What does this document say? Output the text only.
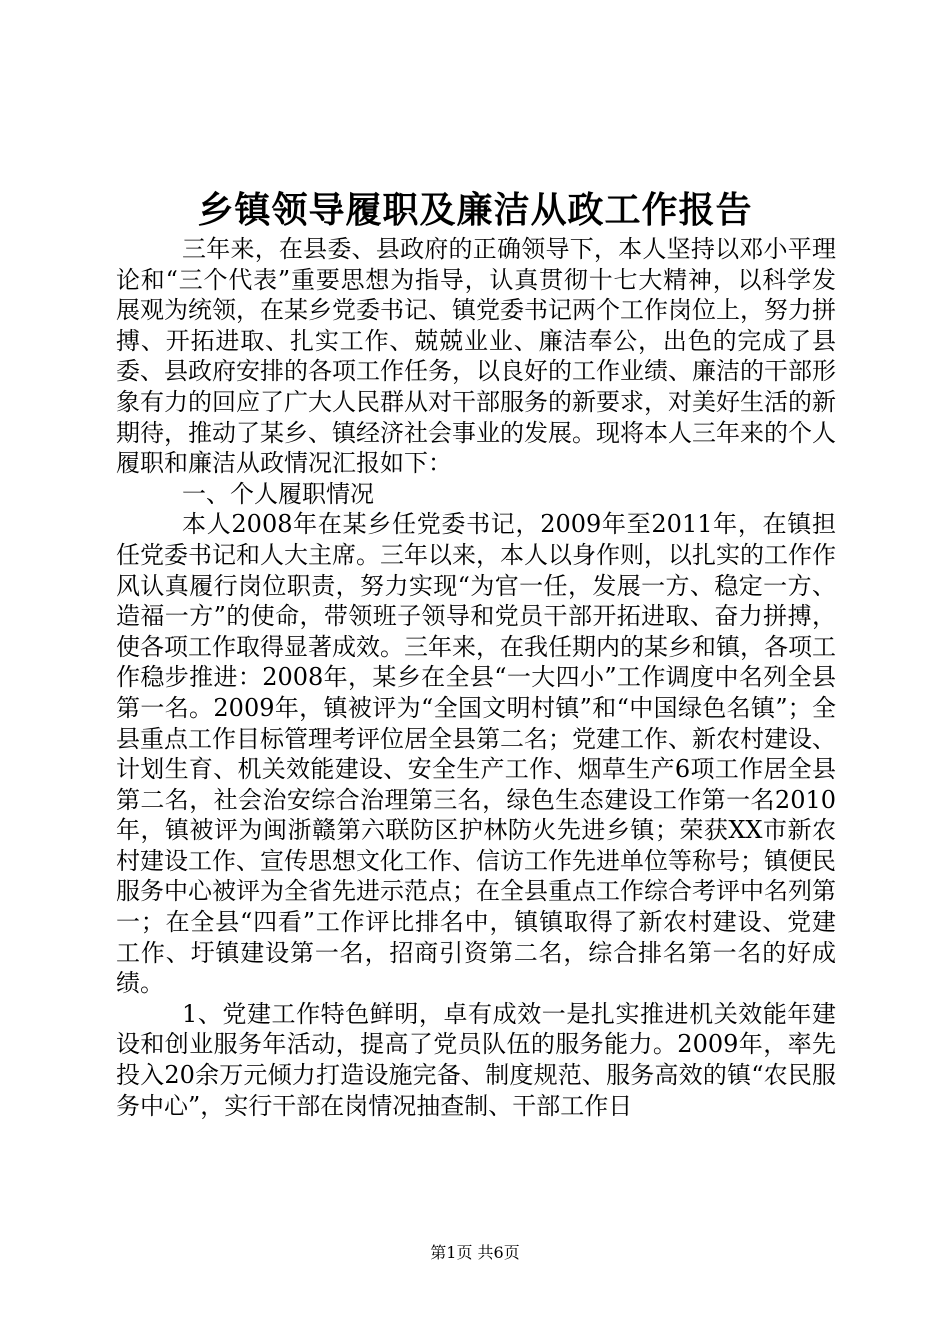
乡镇领导履职及廉洁从政工作报告

三年来，在县委、县政府的正确领导下，本人坚持以邓小平理论和“三个代表”重要思想为指导，认真贯彻十七大精神，以科学发展观为统领，在某乡党委书记、镇党委书记两个工作岗位上，努力拼搏、开拓进取、扎实工作、兢兢业业、廉洁奉公，出色的完成了县委、县政府安排的各项工作任务，以良好的工作业绩、廉洁的干部形象有力的回应了广大人民群从对干部服务的新要求，对美好生活的新期待，推动了某乡、镇经济社会事业的发展。现将本人三年来的个人履职和廉洁从政情况汇报如下：

一、个人履职情况

本人2008年在某乡任党委书记，2009年至2011年，在镇担任党委书记和人大主席。三年以来，本人以身作则，以扎实的工作作风认真履行岗位职责，努力实现“为官一任，发展一方、稳定一方、造福一方”的使命，带领班子领导和党员干部开拓进取、奋力拼搏，使各项工作取得显著成效。三年来，在我任期内的某乡和镇，各项工作稳步推进：2008年，某乡在全县“一大四小”工作调度中名列全县第一名。2009年，镇被评为“全国文明村镇”和“中国绿色名镇”；全县重点工作目标管理考评位居全县第二名；党建工作、新农村建设、计划生育、机关效能建设、安全生产工作、烟草生产6项工作居全县第二名，社会治安综合治理第三名，绿色生态建设工作第一名2010年，镇被评为闽浙赣第六联防区护林防火先进乡镇；荣获XX市新农村建设工作、宣传思想文化工作、信访工作先进单位等称号；镇便民服务中心被评为全省先进示范点；在全县重点工作综合考评中名列第一；在全县“四看”工作评比排名中，镇镇取得了新农村建设、党建工作、圩镇建设第一名，招商引资第二名，综合排名第一名的好成绩。

1、党建工作特色鲜明，卓有成效一是扎实推进机关效能年建设和创业服务年活动，提高了党员队伍的服务能力。2009年，率先投入20余万元倾力打造设施完备、制度规范、服务高效的镇“农民服务中心”，实行干部在岗情况抽查制、干部工作日

第1页 共6页
